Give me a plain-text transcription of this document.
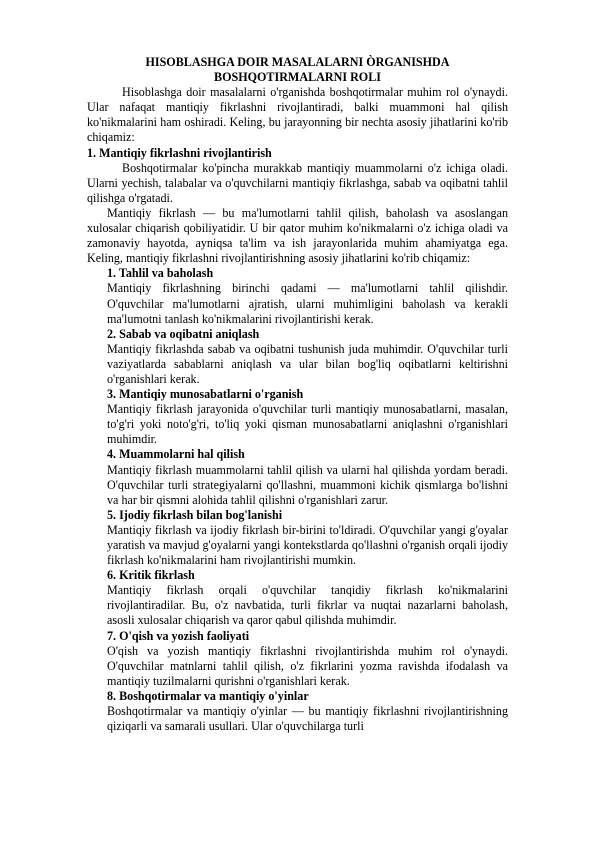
HISOBLASHGA DOIR MASALALARNI ÒRGANISHDA BOSHQOTIRMALARNI ROLI

Hisoblashga doir masalalarni o'rganishda boshqotirmalar muhim rol o'ynaydi. Ular nafaqat mantiqiy fikrlashni rivojlantiradi, balki muammoni hal qilish ko'nikmalarini ham oshiradi. Keling, bu jarayonning bir nechta asosiy jihatlarini ko'rib chiqamiz:

1. Mantiqiy fikrlashni rivojlantirish

Boshqotirmalar ko'pincha murakkab mantiqiy muammolarni o'z ichiga oladi. Ularni yechish, talabalar va o'quvchilarni mantiqiy fikrlashga, sabab va oqibatni tahlil qilishga o'rgatadi.

Mantiqiy fikrlash — bu ma'lumotlarni tahlil qilish, baholash va asoslangan xulosalar chiqarish qobiliyatidir. U bir qator muhim ko'nikmalarni o'z ichiga oladi va zamonaviy hayotda, ayniqsa ta'lim va ish jarayonlarida muhim ahamiyatga ega. Keling, mantiqiy fikrlashni rivojlantirishning asosiy jihatlarini ko'rib chiqamiz:

1. Tahlil va baholash

Mantiqiy fikrlashning birinchi qadami — ma'lumotlarni tahlil qilishdir. O'quvchilar ma'lumotlarni ajratish, ularni muhimligini baholash va kerakli ma'lumotni tanlash ko'nikmalarini rivojlantirishi kerak.

2. Sabab va oqibatni aniqlash

Mantiqiy fikrlashda sabab va oqibatni tushunish juda muhimdir. O'quvchilar turli vaziyatlarda sabablarni aniqlash va ular bilan bog'liq oqibatlarni keltirishni o'rganishlari kerak.

3. Mantiqiy munosabatlarni o'rganish

Mantiqiy fikrlash jarayonida o'quvchilar turli mantiqiy munosabatlarni, masalan, to'g'ri yoki noto'g'ri, to'liq yoki qisman munosabatlarni aniqlashni o'rganishlari muhimdir.

4. Muammolarni hal qilish

Mantiqiy fikrlash muammolarni tahlil qilish va ularni hal qilishda yordam beradi. O'quvchilar turli strategiyalarni qo'llashni, muammoni kichik qismlarga bo'lishni va har bir qismni alohida tahlil qilishni o'rganishlari zarur.

5. Ijodiy fikrlash bilan bog'lanishi

Mantiqiy fikrlash va ijodiy fikrlash bir-birini to'ldiradi. O'quvchilar yangi g'oyalar yaratish va mavjud g'oyalarni yangi kontekstlarda qo'llashni o'rganish orqali ijodiy fikrlash ko'nikmalarini ham rivojlantirishi mumkin.

6. Kritik fikrlash

Mantiqiy fikrlash orqali o'quvchilar tanqidiy fikrlash ko'nikmalarini rivojlantiradilar. Bu, o'z navbatida, turli fikrlar va nuqtai nazarlarni baholash, asosli xulosalar chiqarish va qaror qabul qilishda muhimdir.

7. O'qish va yozish faoliyati

O'qish va yozish mantiqiy fikrlashni rivojlantirishda muhim rol o'ynaydi. O'quvchilar matnlarni tahlil qilish, o'z fikrlarini yozma ravishda ifodalash va mantiqiy tuzilmalarni qurishni o'rganishlari kerak.

8. Boshqotirmalar va mantiqiy o'yinlar

Boshqotirmalar va mantiqiy o'yinlar — bu mantiqiy fikrlashni rivojlantirishning qiziqarli va samarali usullari. Ular o'quvchilarga turli
